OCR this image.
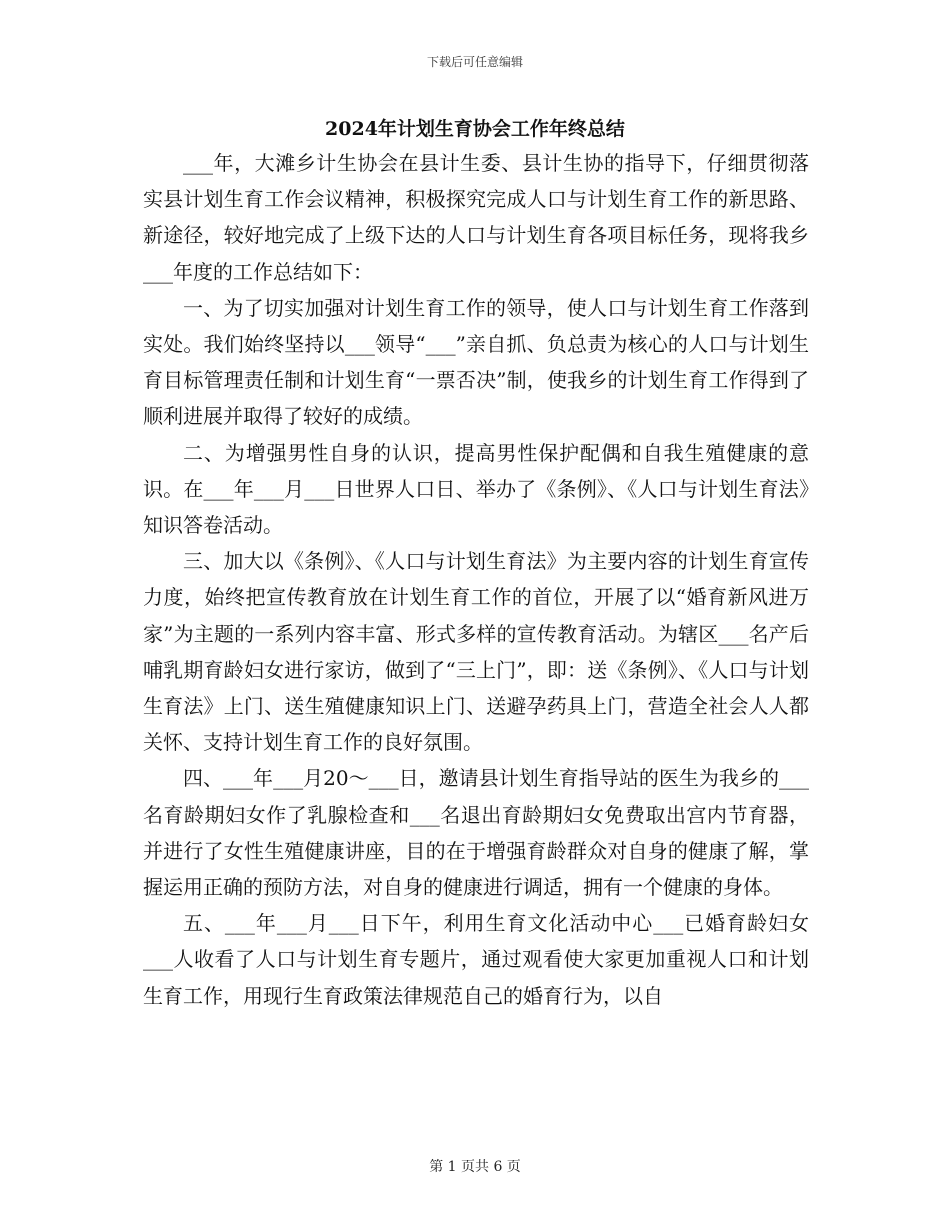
下载后可任意编辑
2024年计划生育协会工作年终总结

___年，大滩乡计生协会在县计生委、县计生协的指导下，仔细贯彻落实县计划生育工作会议精神，积极探究完成人口与计划生育工作的新思路、新途径，较好地完成了上级下达的人口与计划生育各项目标任务，现将我乡___年度的工作总结如下：

一、为了切实加强对计划生育工作的领导，使人口与计划生育工作落到实处。我们始终坚持以___领导“___”亲自抓、负总责为核心的人口与计划生育目标管理责任制和计划生育“一票否决”制，使我乡的计划生育工作得到了顺利进展并取得了较好的成绩。

二、为增强男性自身的认识，提高男性保护配偶和自我生殖健康的意识。在___年___月___日世界人口日、举办了《条例》、《人口与计划生育法》知识答卷活动。

三、加大以《条例》、《人口与计划生育法》为主要内容的计划生育宣传力度，始终把宣传教育放在计划生育工作的首位，开展了以“婚育新风进万家”为主题的一系列内容丰富、形式多样的宣传教育活动。为辖区___名产后哺乳期育龄妇女进行家访，做到了“三上门”，即：送《条例》、《人口与计划生育法》上门、送生殖健康知识上门、送避孕药具上门，营造全社会人人都关怀、支持计划生育工作的良好氛围。

四、___年___月20～___日，邀请县计划生育指导站的医生为我乡的___名育龄期妇女作了乳腺检查和___名退出育龄期妇女免费取出宫内节育器，并进行了女性生殖健康讲座，目的在于增强育龄群众对自身的健康了解，掌握运用正确的预防方法，对自身的健康进行调适，拥有一个健康的身体。

五、___年___月___日下午，利用生育文化活动中心___已婚育龄妇女___人收看了人口与计划生育专题片，通过观看使大家更加重视人口和计划生育工作，用现行生育政策法律规范自己的婚育行为，以自

第 1 页共 6 页
